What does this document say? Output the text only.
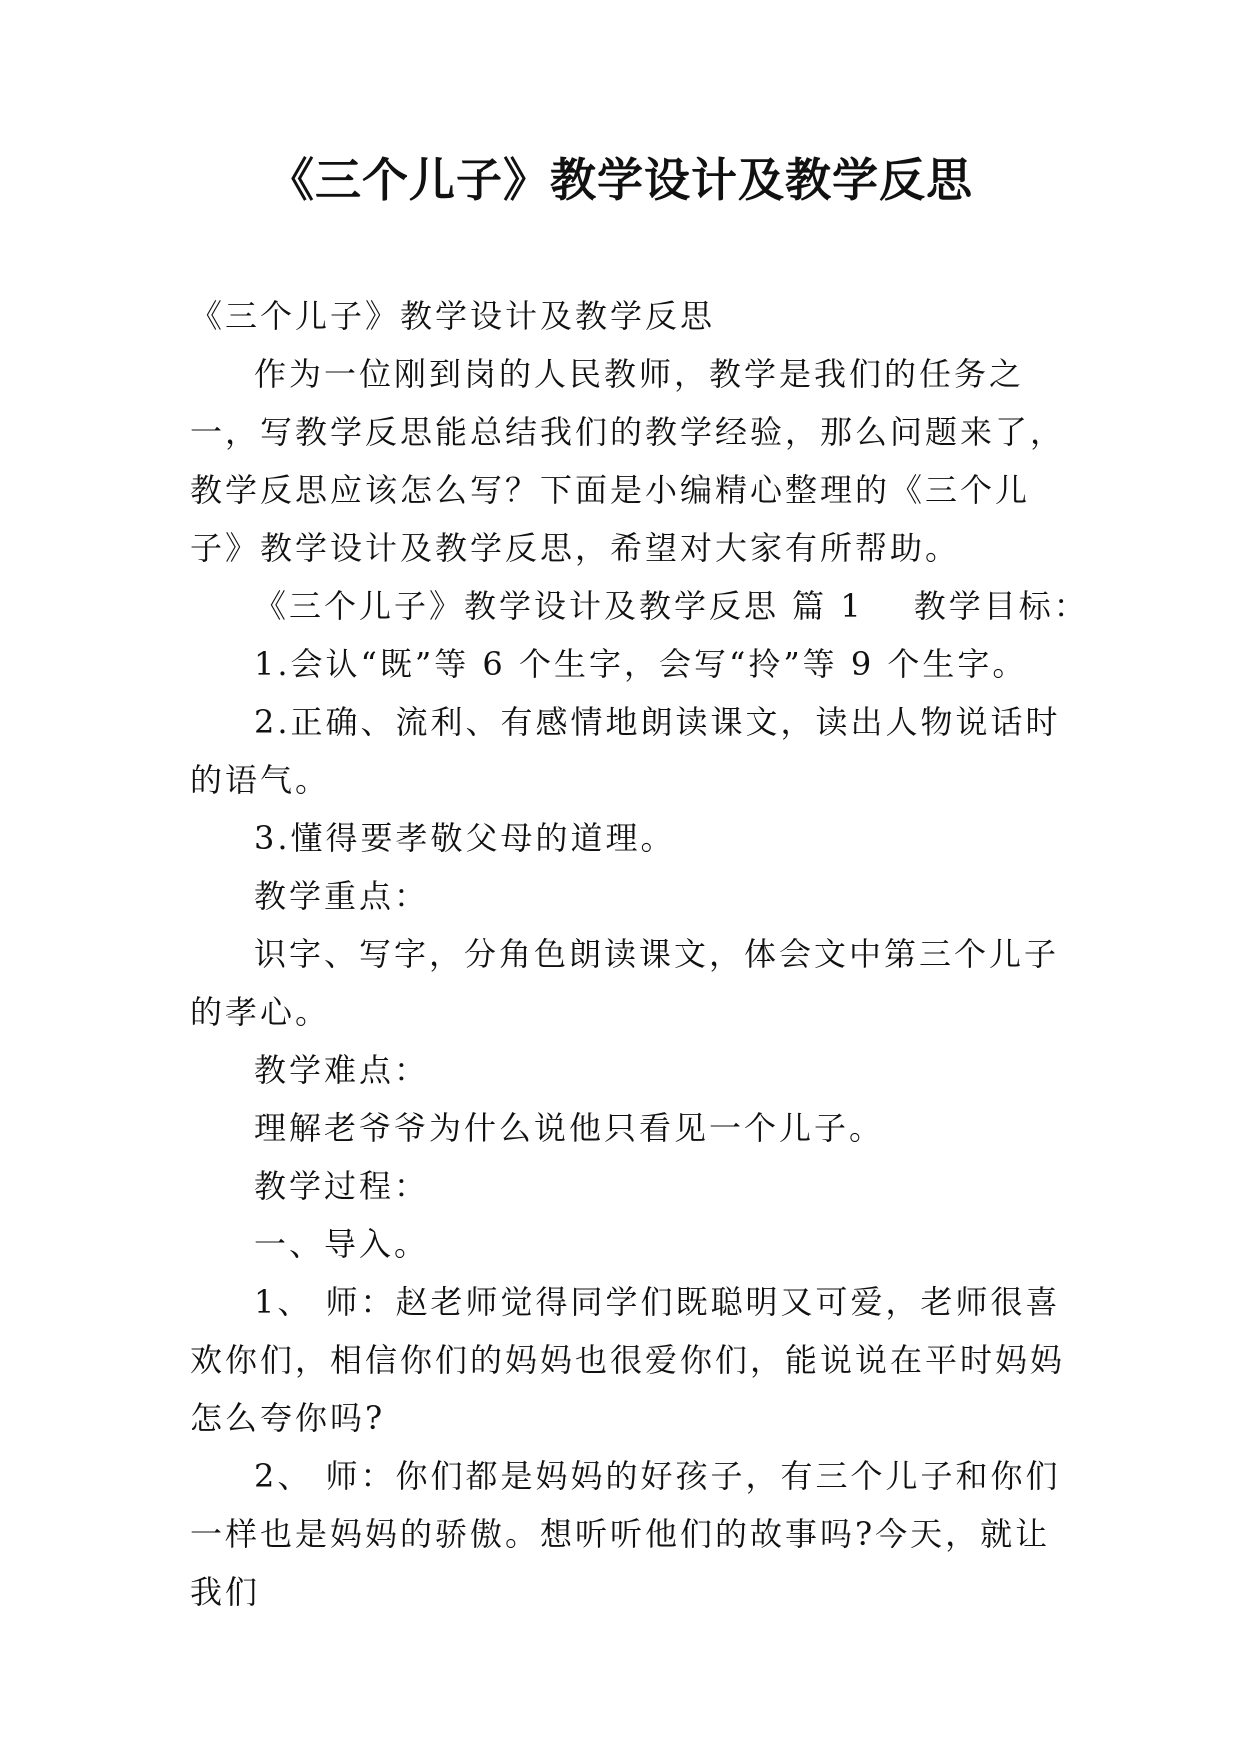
《三个儿子》教学设计及教学反思

《三个儿子》教学设计及教学反思

作为一位刚到岗的人民教师，教学是我们的任务之一，写教学反思能总结我们的教学经验，那么问题来了，教学反思应该怎么写？下面是小编精心整理的《三个儿子》教学设计及教学反思，希望对大家有所帮助。

《三个儿子》教学设计及教学反思 篇 1 教学目标：

1.会认“既”等 6 个生字，会写“拎”等 9 个生字。

2.正确、流利、有感情地朗读课文，读出人物说话时的语气。

3.懂得要孝敬父母的道理。

教学重点：

识字、写字，分角色朗读课文，体会文中第三个儿子的孝心。

教学难点：

理解老爷爷为什么说他只看见一个儿子。

教学过程：

一、导入。

1、 师：赵老师觉得同学们既聪明又可爱，老师很喜欢你们，相信你们的妈妈也很爱你们，能说说在平时妈妈怎么夸你吗?

2、 师：你们都是妈妈的好孩子，有三个儿子和你们一样也是妈妈的骄傲。想听听他们的故事吗?今天，就让我们
